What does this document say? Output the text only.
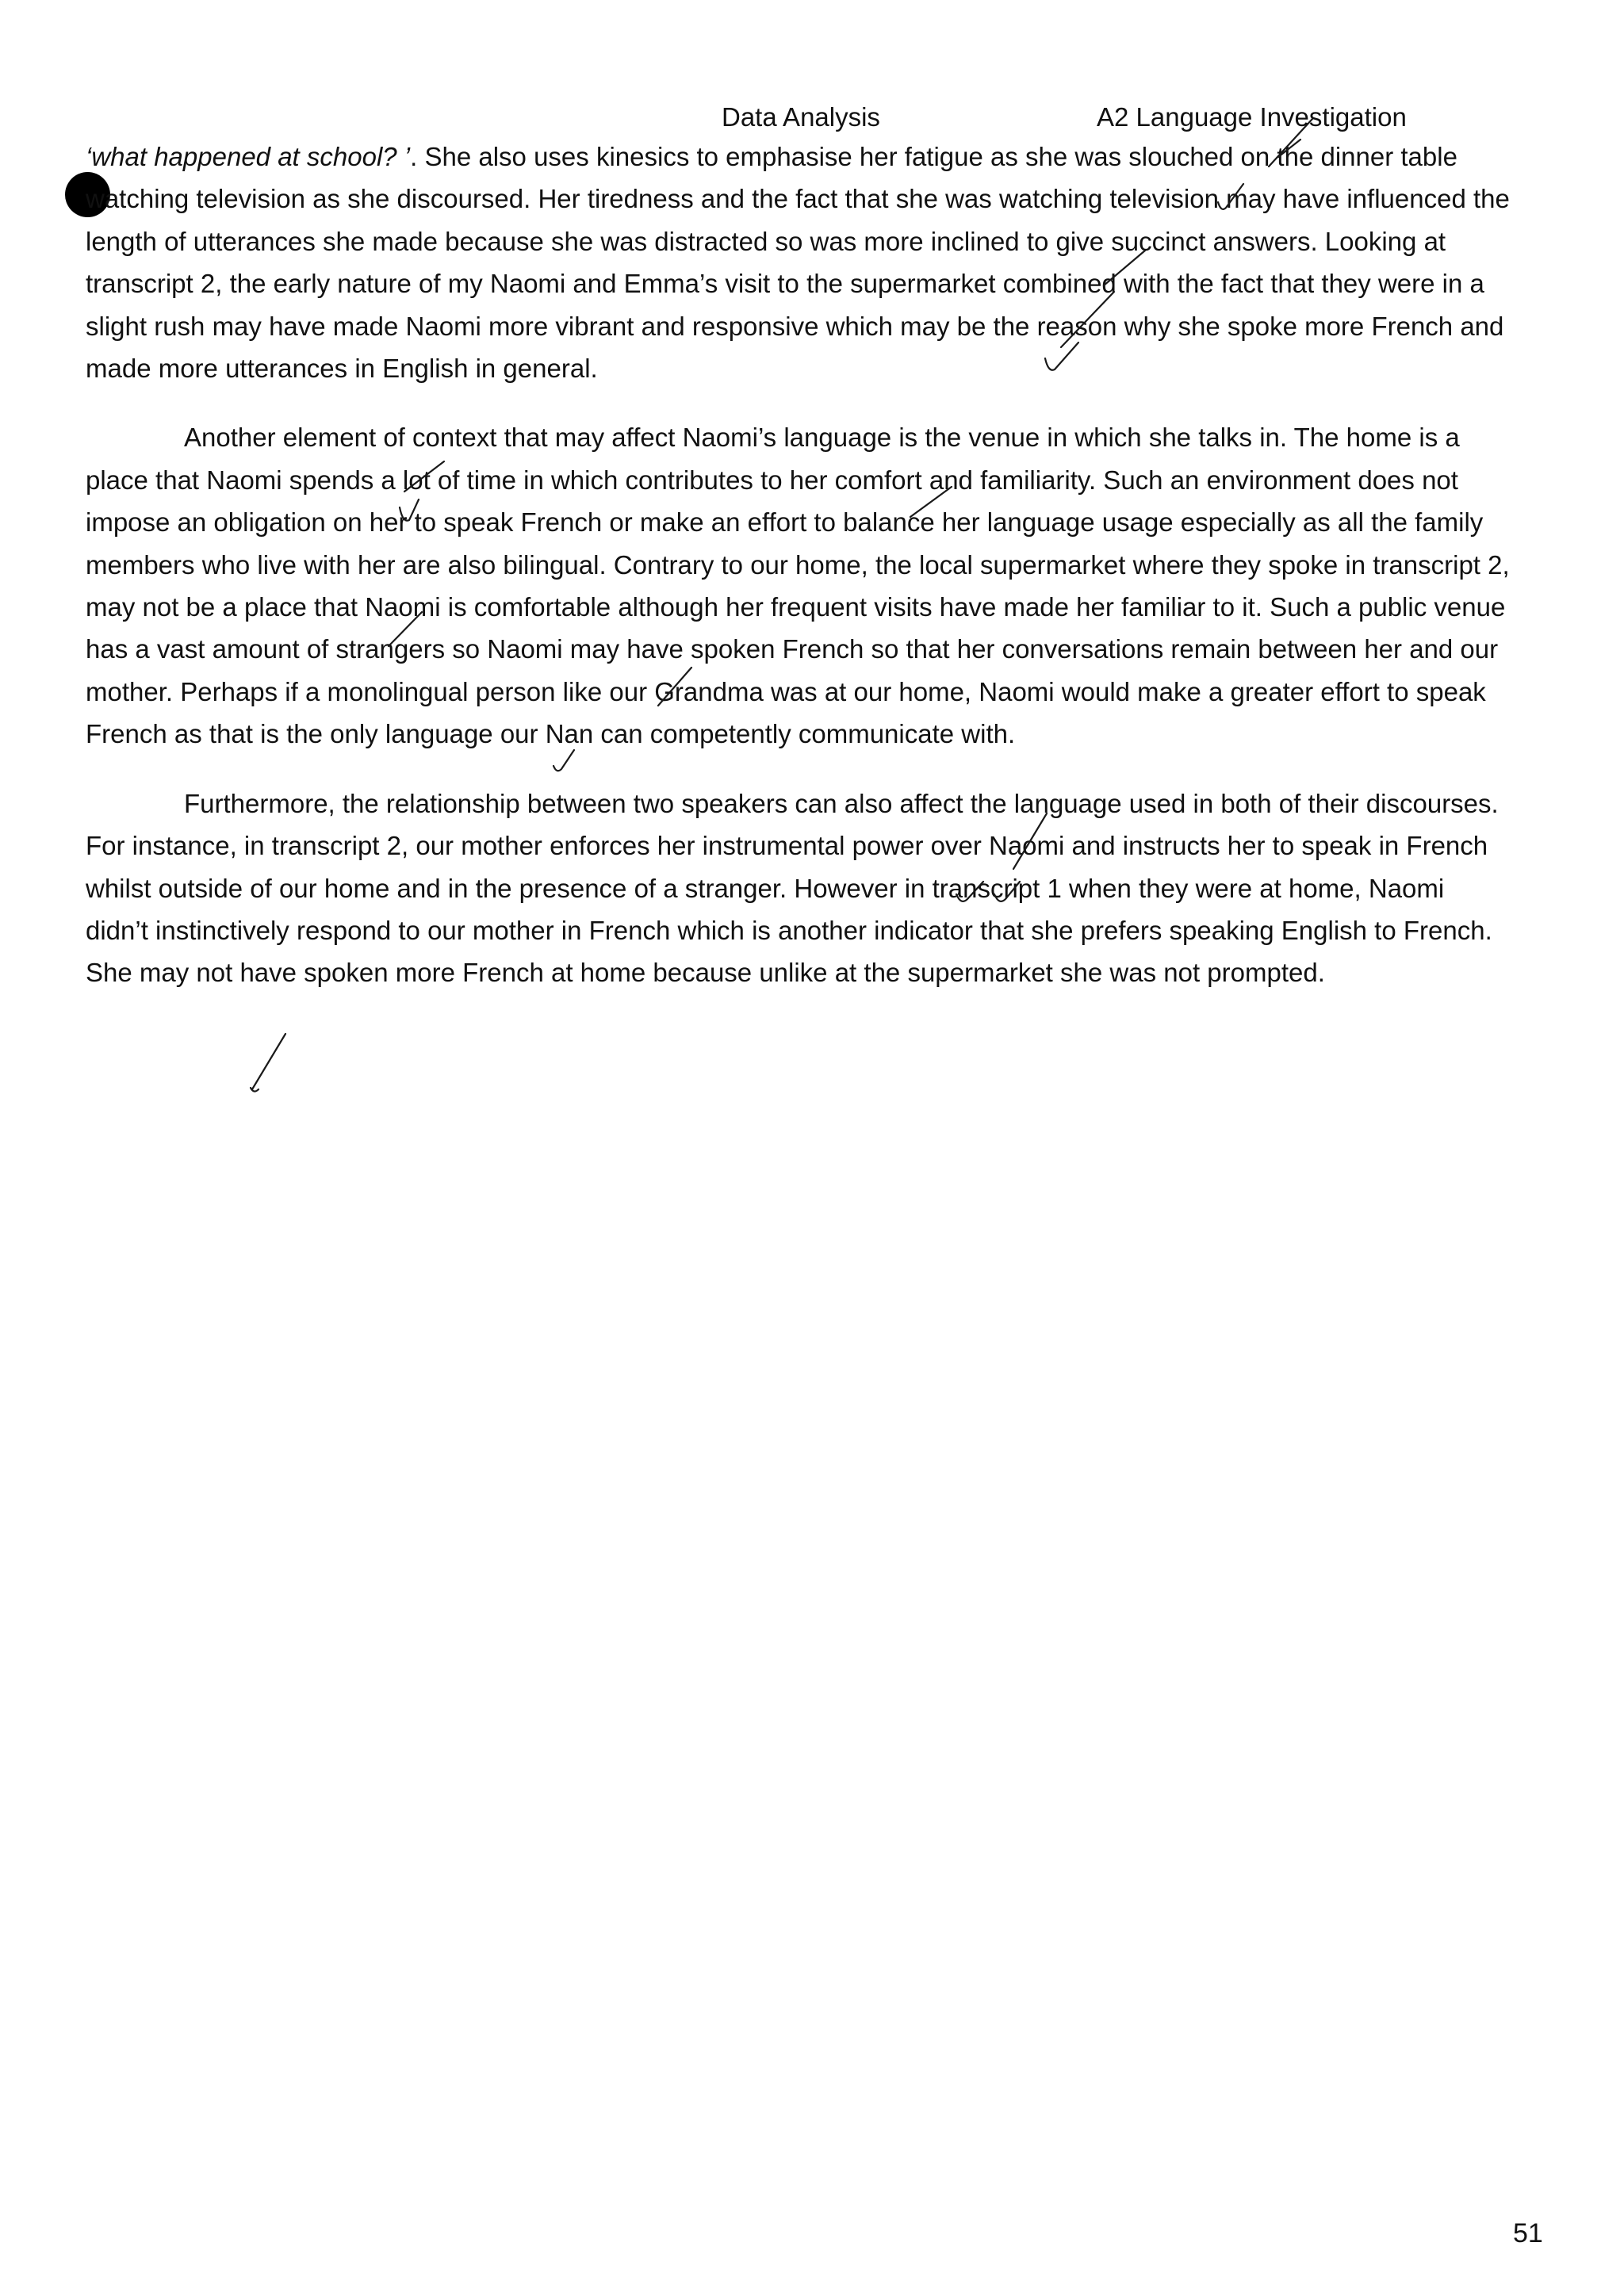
Data Analysis	A2 Language Investigation

‘what happened at school? ’. She also uses kinesics to emphasise her fatigue as she was slouched on the dinner table watching television as she discoursed. Her tiredness and the fact that she was watching television may have influenced the length of utterances she made because she was distracted so was more inclined to give succinct answers. Looking at transcript 2, the early nature of my Naomi and Emma’s visit to the supermarket combined with the fact that they were in a slight rush may have made Naomi more vibrant and responsive which may be the reason why she spoke more French and made more utterances in English in general.

Another element of context that may affect Naomi’s language is the venue in which she talks in. The home is a place that Naomi spends a lot of time in which contributes to her comfort and familiarity. Such an environment does not impose an obligation on her to speak French or make an effort to balance her language usage especially as all the family members who live with her are also bilingual. Contrary to our home, the local supermarket where they spoke in transcript 2, may not be a place that Naomi is comfortable although her frequent visits have made her familiar to it. Such a public venue has a vast amount of strangers so Naomi may have spoken French so that her conversations remain between her and our mother. Perhaps if a monolingual person like our Grandma was at our home, Naomi would make a greater effort to speak French as that is the only language our Nan can competently communicate with.

Furthermore, the relationship between two speakers can also affect the language used in both of their discourses. For instance, in transcript 2, our mother enforces her instrumental power over Naomi and instructs her to speak in French whilst outside of our home and in the presence of a stranger. However in transcript 1 when they were at home, Naomi didn’t instinctively respond to our mother in French which is another indicator that she prefers speaking English to French. She may not have spoken more French at home because unlike at the supermarket she was not prompted.

51
